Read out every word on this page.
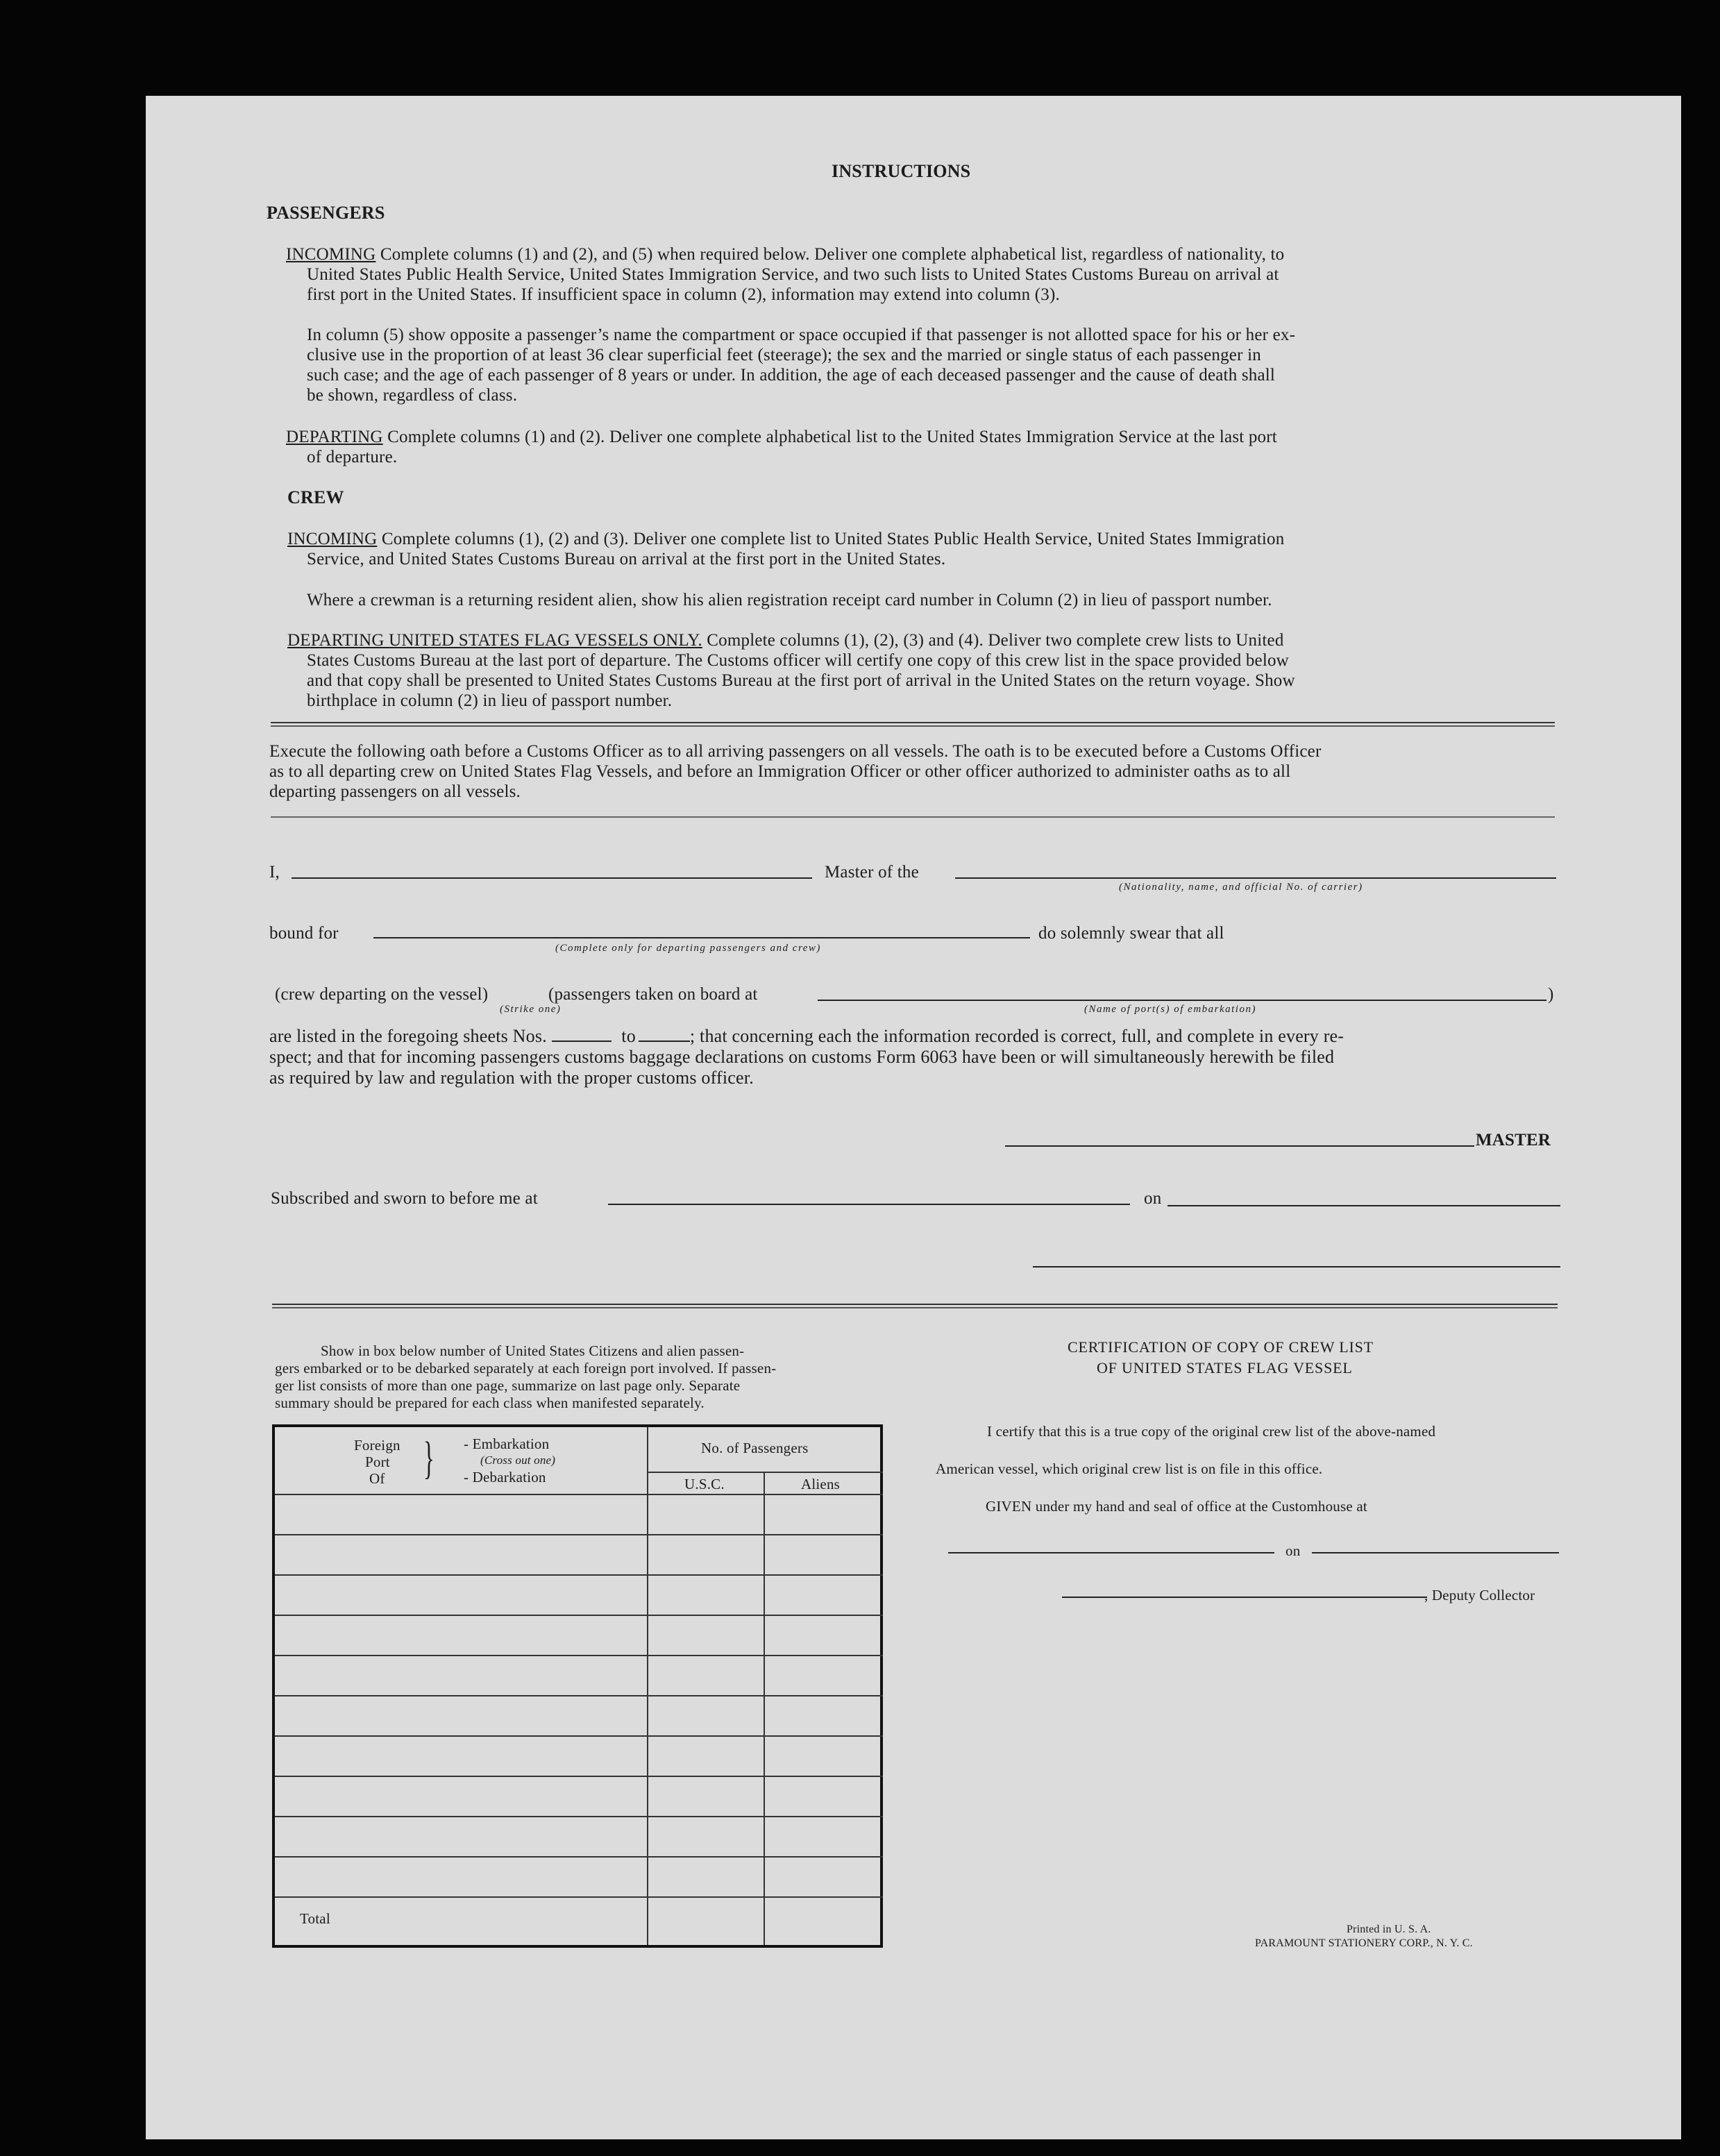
INSTRUCTIONS
PASSENGERS
INCOMING Complete columns (1) and (2), and (5) when required below. Deliver one complete alphabetical list, regardless of nationality, to
United States Public Health Service, United States Immigration Service, and two such lists to United States Customs Bureau on arrival at
first port in the United States. If insufficient space in column (2), information may extend into column (3).
In column (5) show opposite a passenger’s name the compartment or space occupied if that passenger is not allotted space for his or her ex-
clusive use in the proportion of at least 36 clear superficial feet (steerage); the sex and the married or single status of each passenger in
such case; and the age of each passenger of 8 years or under. In addition, the age of each deceased passenger and the cause of death shall
be shown, regardless of class.
DEPARTING Complete columns (1) and (2). Deliver one complete alphabetical list to the United States Immigration Service at the last port
of departure.
CREW
INCOMING Complete columns (1), (2) and (3). Deliver one complete list to United States Public Health Service, United States Immigration
Service, and United States Customs Bureau on arrival at the first port in the United States.
Where a crewman is a returning resident alien, show his alien registration receipt card number in Column (2) in lieu of passport number.
DEPARTING UNITED STATES FLAG VESSELS ONLY. Complete columns (1), (2), (3) and (4). Deliver two complete crew lists to United
States Customs Bureau at the last port of departure. The Customs officer will certify one copy of this crew list in the space provided below
and that copy shall be presented to United States Customs Bureau at the first port of arrival in the United States on the return voyage. Show
birthplace in column (2) in lieu of passport number.
Execute the following oath before a Customs Officer as to all arriving passengers on all vessels. The oath is to be executed before a Customs Officer
as to all departing crew on United States Flag Vessels, and before an Immigration Officer or other officer authorized to administer oaths as to all
departing passengers on all vessels.
I,	Master of the
(Nationality, name, and official No. of carrier)
bound for	do solemnly swear that all
(Complete only for departing passengers and crew)
(crew departing on the vessel)	(passengers taken on board at	)
(Strike one)	(Name of port(s) of embarkation)
are listed in the foregoing sheets Nos.	to	; that concerning each the information recorded is correct, full, and complete in every re-
spect; and that for incoming passengers customs baggage declarations on customs Form 6063 have been or will simultaneously herewith be filed
as required by law and regulation with the proper customs officer.
MASTER
Subscribed and sworn to before me at	on
Show in box below number of United States Citizens and alien passen-
gers embarked or to be debarked separately at each foreign port involved. If passen-
ger list consists of more than one page, summarize on last page only. Separate
summary should be prepared for each class when manifested separately.
Foreign
Port
Of } - Embarkation
(Cross out one)
- Debarkation
No. of Passengers
U.S.C.	Aliens
Total
CERTIFICATION OF COPY OF CREW LIST
OF UNITED STATES FLAG VESSEL
I certify that this is a true copy of the original crew list of the above-named
American vessel, which original crew list is on file in this office.
GIVEN under my hand and seal of office at the Customhouse at
on
, Deputy Collector
Printed in U. S. A.
PARAMOUNT STATIONERY CORP., N. Y. C.
